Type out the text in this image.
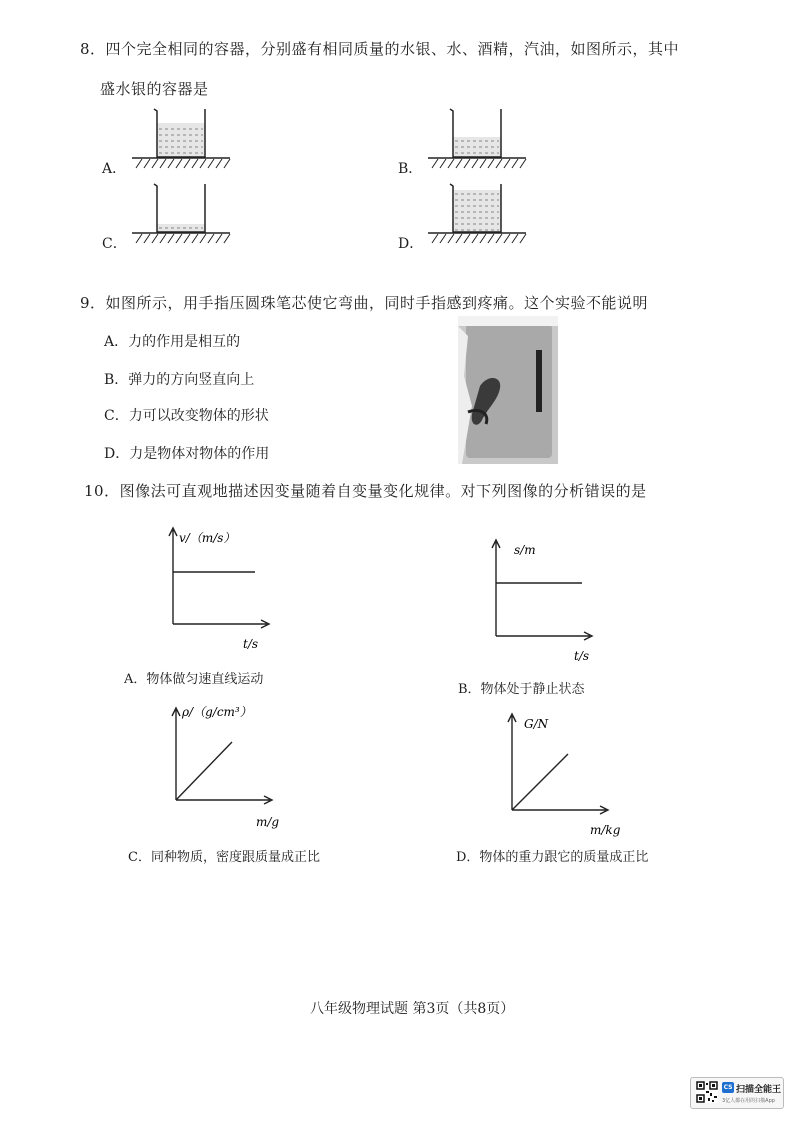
8．四个完全相同的容器，分别盛有相同质量的水银、水、酒精，汽油，如图所示，其中
盛水银的容器是
A．	B．
C．	D．
9．如图所示，用手指压圆珠笔芯使它弯曲，同时手指感到疼痛。这个实验不能说明
A．力的作用是相互的
B．弹力的方向竖直向上
C．力可以改变物体的形状
D．力是物体对物体的作用
10．图像法可直观地描述因变量随着自变量变化规律。对下列图像的分析错误的是
v/（m/s）
t/s
A．物体做匀速直线运动
s/m
t/s
B．物体处于静止状态
ρ/（g/cm³）
m/g
C．同种物质，密度跟质量成正比
G/N
m/kg
D．物体的重力跟它的质量成正比
八年级物理试题 第3页（共8页）
CS 扫描全能王
3亿人都在用的扫描App
